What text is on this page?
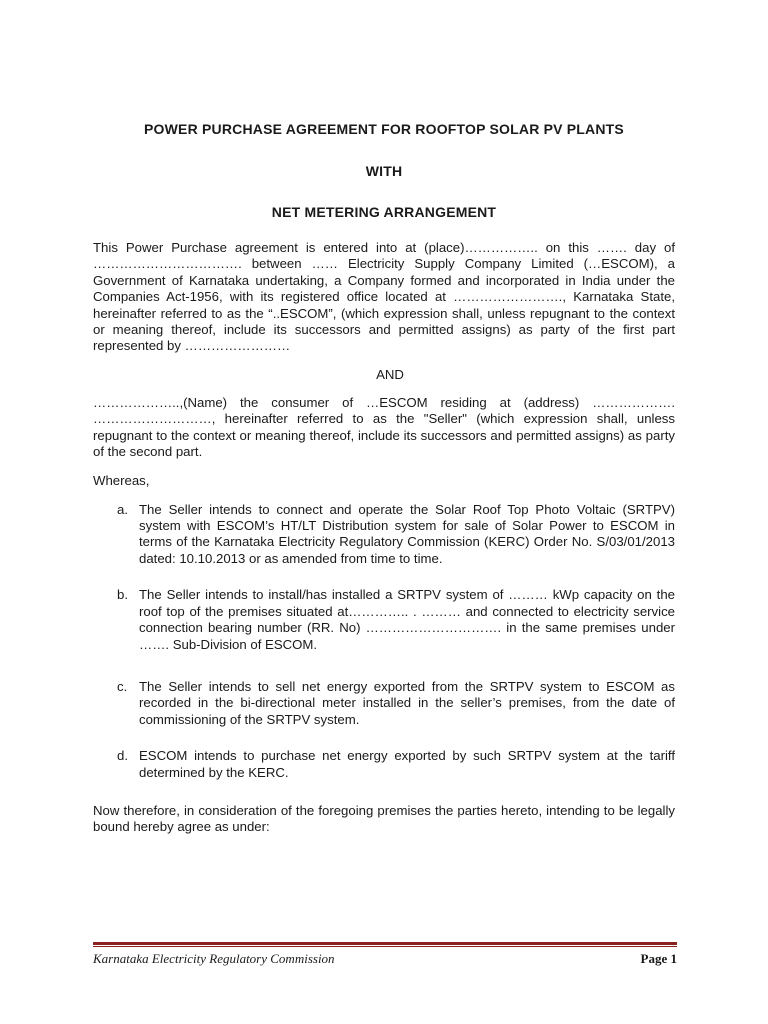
POWER PURCHASE AGREEMENT FOR ROOFTOP SOLAR PV PLANTS

WITH

NET METERING ARRANGEMENT

This Power Purchase agreement is entered into at (place)…………….. on this ……. day of ……………………………. between …… Electricity Supply Company Limited (…ESCOM), a Government of Karnataka undertaking, a Company formed and incorporated in India under the Companies Act-1956, with its registered office located at ……………………., Karnataka State, hereinafter referred to as the “..ESCOM”, (which expression shall, unless repugnant to the context or meaning thereof, include its successors and permitted assigns) as party of the first part represented by ……………………

AND

………………..,(Name) the consumer of …ESCOM residing at (address) ………………. ………………………, hereinafter referred to as the "Seller" (which expression shall, unless repugnant to the context or meaning thereof, include its successors and permitted assigns) as party of the second part.

Whereas,

a. The Seller intends to connect and operate the Solar Roof Top Photo Voltaic (SRTPV) system with ESCOM’s HT/LT Distribution system for sale of Solar Power to ESCOM in terms of the Karnataka Electricity Regulatory Commission (KERC) Order No. S/03/01/2013 dated: 10.10.2013 or as amended from time to time.
b. The Seller intends to install/has installed a SRTPV system of ……… kWp capacity on the roof top of the premises situated at………….. . ……… and connected to electricity service connection bearing number (RR. No) …………………………. in the same premises under ……. Sub-Division of ESCOM.
c. The Seller intends to sell net energy exported from the SRTPV system to ESCOM as recorded in the bi-directional meter installed in the seller’s premises, from the date of commissioning of the SRTPV system.
d. ESCOM intends to purchase net energy exported by such SRTPV system at the tariff determined by the KERC.

Now therefore, in consideration of the foregoing premises the parties hereto, intending to be legally bound hereby agree as under:

Karnataka Electricity Regulatory Commission	Page 1
